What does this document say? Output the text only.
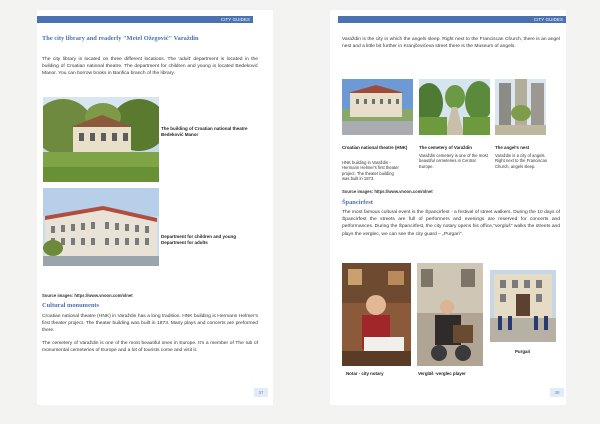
CITY GUIDES
The city library and readerly "Metel Ožegović" Varaždin
The city library is located on three different locations. The 'adult' department is located in the building of Croatian national theatre. The department for children and young is located Bedeković Manor. You can borrow books in Banfica branch of the library.
The building of Croatian national theatre Bedeković Manor
Department for children and young Department for adults
Source images: https://www.vnoon.com/olnet
Cultural monuments
Croatian national theatre (HNK) in Varaždin has a long tradition. HNK building is Hermann Helmer's first theater project. The theater building was built in 1873. Many plays and concerts are preformed there.
The cemetery of Varaždin is one of the most beautiful ones in Europe. It's a member of The Iub of monumental cemeteries of Europe and a lot of tourists come and visit it.
.
.
37
CITY GUIDES
Varaždin is the city in which the angels sleep. Right next to the Franciscan Church, there is an angel nest and a little bit further in Kranjčevićeva street there is the Museum of angels.
Croatian national theatre (HNK)
HNK building in Varaždin - Hermann Helmer's first theater project. The theater building was built in 1873.
The cemetery of Varaždin
Varaždin cemetery is one of the most beautiful cemeteries in Central Europe.
The angel's nest
Varaždin is a city of angels. Right next to the Franciscan Church, angels sleep.
Source images: https://www.vnoon.com/olnet
Špancirfest
The most famous cultural event is the Špancirfest - a festival of street walkers. During the 10 days of Špancirfest the streets are full of performers and evenings are reserved for concerts and performances. During the Špancirfest, the city notary opens his office,"vergluš" walks the streets and plays the verglec, we can see the city guard – „Purgari".
Notar - city notary	Vergläš -verglec player
Purgari
.
.
38
